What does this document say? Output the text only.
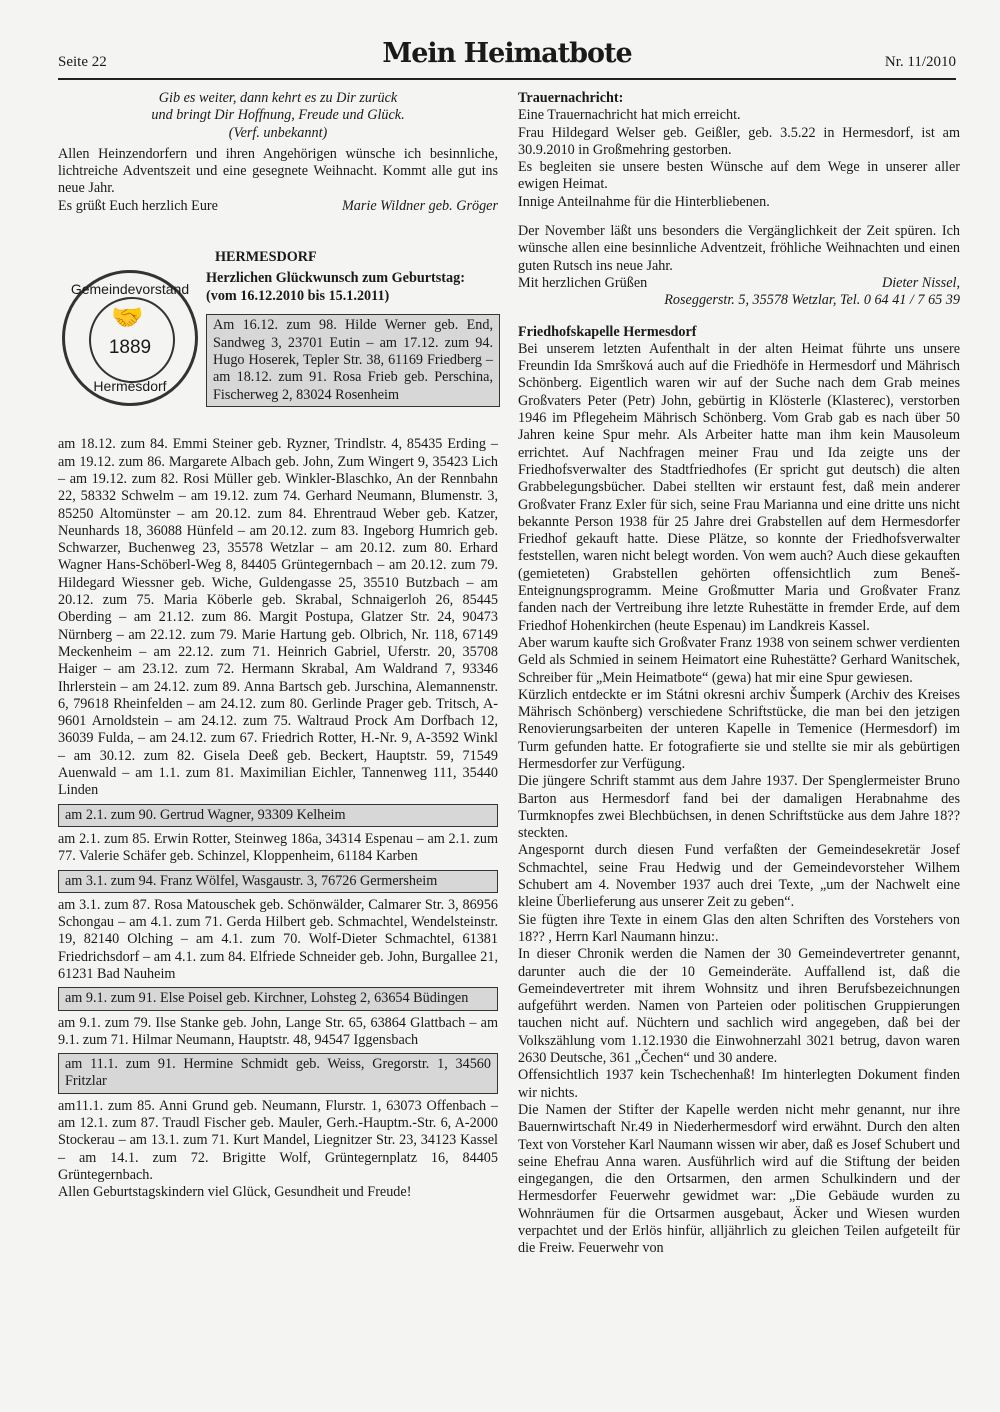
Seite 22	Mein Heimatbote	Nr. 11/2010

Gib es weiter, dann kehrt es zu Dir zurück

und bringt Dir Hoffnung, Freude und Glück.

(Verf. unbekannt)

Allen Heinzendorfern und ihren Angehörigen wünsche ich besinnliche, lichtreiche Adventszeit und eine gesegnete Weihnacht. Kommt alle gut ins neue Jahr.

Es grüßt Euch herzlich Eure	Marie Wildner geb. Gröger
HERMESDORF
Gemeindevorstand
🤝
1889
Hermesdorf
Herzlichen Glückwunsch zum Geburtstag: (vom 16.12.2010 bis 15.1.2011)
Am 16.12. zum 98. Hilde Werner geb. End, Sandweg 3, 23701 Eutin – am 17.12. zum 94. Hugo Hoserek, Tepler Str. 38, 61169 Friedberg – am 18.12. zum 91. Rosa Frieb geb. Perschina, Fischerweg 2, 83024 Rosenheim

am 18.12. zum 84. Emmi Steiner geb. Ryzner, Trindlstr. 4, 85435 Erding – am 19.12. zum 86. Margarete Albach geb. John, Zum Wingert 9, 35423 Lich – am 19.12. zum 82. Rosi Müller geb. Winkler-Blaschko, An der Rennbahn 22, 58332 Schwelm – am 19.12. zum 74. Gerhard Neumann, Blumenstr. 3, 85250 Altomünster – am 20.12. zum 84. Ehrentraud Weber geb. Katzer, Neunhards 18, 36088 Hünfeld – am 20.12. zum 83. Ingeborg Humrich geb. Schwarzer, Buchenweg 23, 35578 Wetzlar – am 20.12. zum 80. Erhard Wagner Hans-Schöberl-Weg 8, 84405 Grüntegernbach – am 20.12. zum 79. Hildegard Wiessner geb. Wiche, Guldengasse 25, 35510 Butzbach – am 20.12. zum 75. Maria Köberle geb. Skrabal, Schnaigerloh 26, 85445 Oberding – am 21.12. zum 86. Margit Postupa, Glatzer Str. 24, 90473 Nürnberg – am 22.12. zum 79. Marie Hartung geb. Olbrich, Nr. 118, 67149 Meckenheim – am 22.12. zum 71. Heinrich Gabriel, Uferstr. 20, 35708 Haiger – am 23.12. zum 72. Hermann Skrabal, Am Waldrand 7, 93346 Ihrlerstein – am 24.12. zum 89. Anna Bartsch geb. Jurschina, Alemannenstr. 6, 79618 Rheinfelden – am 24.12. zum 80. Gerlinde Prager geb. Tritsch, A-9601 Arnoldstein – am 24.12. zum 75. Waltraud Prock Am Dorfbach 12, 36039 Fulda, – am 24.12. zum 67. Friedrich Rotter, H.-Nr. 9, A-3592 Winkl – am 30.12. zum 82. Gisela Deeß geb. Beckert, Hauptstr. 59, 71549 Auenwald – am 1.1. zum 81. Maximilian Eichler, Tannenweg 111, 35440 Linden

am 2.1. zum 90. Gertrud Wagner, 93309 Kelheim

am 2.1. zum 85. Erwin Rotter, Steinweg 186a, 34314 Espenau – am 2.1. zum 77. Valerie Schäfer geb. Schinzel, Kloppenheim, 61184 Karben

am 3.1. zum 94. Franz Wölfel, Wasgaustr. 3, 76726 Germersheim

am 3.1. zum 87. Rosa Matouschek geb. Schönwälder, Calmarer Str. 3, 86956 Schongau – am 4.1. zum 71. Gerda Hilbert geb. Schmachtel, Wendelsteinstr. 19, 82140 Olching – am 4.1. zum 70. Wolf-Dieter Schmachtel, 61381 Friedrichsdorf – am 4.1. zum 84. Elfriede Schneider geb. John, Burgallee 21, 61231 Bad Nauheim

am 9.1. zum 91. Else Poisel geb. Kirchner, Lohsteg 2, 63654 Büdingen

am 9.1. zum 79. Ilse Stanke geb. John, Lange Str. 65, 63864 Glattbach – am 9.1. zum 71. Hilmar Neumann, Hauptstr. 48, 94547 Iggensbach

am 11.1. zum 91. Hermine Schmidt geb. Weiss, Gregorstr. 1, 34560 Fritzlar

am11.1. zum 85. Anni Grund geb. Neumann, Flurstr. 1, 63073 Offenbach – am 12.1. zum 87. Traudl Fischer geb. Mauler, Gerh.-Hauptm.-Str. 6, A-2000 Stockerau – am 13.1. zum 71. Kurt Mandel, Liegnitzer Str. 23, 34123 Kassel – am 14.1. zum 72. Brigitte Wolf, Grüntegernplatz 16, 84405 Grüntegernbach.

Allen Geburtstagskindern viel Glück, Gesundheit und Freude!

Trauernachricht:

Eine Trauernachricht hat mich erreicht.

Frau Hildegard Welser geb. Geißler, geb. 3.5.22 in Hermesdorf, ist am 30.9.2010 in Großmehring gestorben.

Es begleiten sie unsere besten Wünsche auf dem Wege in unserer aller ewigen Heimat.

Innige Anteilnahme für die Hinterbliebenen.

Der November läßt uns besonders die Vergänglichkeit der Zeit spüren. Ich wünsche allen eine besinnliche Adventzeit, fröhliche Weihnachten und einen guten Rutsch ins neue Jahr.

Mit herzlichen Grüßen	Dieter Nissel,

Roseggerstr. 5, 35578 Wetzlar, Tel. 0 64 41 / 7 65 39

Friedhofskapelle Hermesdorf

Bei unserem letzten Aufenthalt in der alten Heimat führte uns unsere Freundin Ida Smršková auch auf die Friedhöfe in Hermesdorf und Mährisch Schönberg. Eigentlich waren wir auf der Suche nach dem Grab meines Großvaters Peter (Petr) John, gebürtig in Klösterle (Klasterec), verstorben 1946 im Pflegeheim Mährisch Schönberg. Vom Grab gab es nach über 50 Jahren keine Spur mehr. Als Arbeiter hatte man ihm kein Mausoleum errichtet. Auf Nachfragen meiner Frau und Ida zeigte uns der Friedhofsverwalter des Stadtfriedhofes (Er spricht gut deutsch) die alten Grabbelegungsbücher. Dabei stellten wir erstaunt fest, daß mein anderer Großvater Franz Exler für sich, seine Frau Marianna und eine dritte uns nicht bekannte Person 1938 für 25 Jahre drei Grabstellen auf dem Hermesdorfer Friedhof gekauft hatte. Diese Plätze, so konnte der Friedhofsverwalter feststellen, waren nicht belegt worden. Von wem auch? Auch diese gekauften (gemieteten) Grabstellen gehörten offensichtlich zum Beneš-Enteignungsprogramm. Meine Großmutter Maria und Großvater Franz fanden nach der Vertreibung ihre letzte Ruhestätte in fremder Erde, auf dem Friedhof Hohenkirchen (heute Espenau) im Landkreis Kassel.

Aber warum kaufte sich Großvater Franz 1938 von seinem schwer verdienten Geld als Schmied in seinem Heimatort eine Ruhestätte? Gerhard Wanitschek, Schreiber für „Mein Heimatbote“ (gewa) hat mir eine Spur gewiesen.

Kürzlich entdeckte er im Státni okresni archiv Šumperk (Archiv des Kreises Mährisch Schönberg) verschiedene Schriftstücke, die man bei den jetzigen Renovierungsarbeiten der unteren Kapelle in Temenice (Hermesdorf) im Turm gefunden hatte. Er fotografierte sie und stellte sie mir als gebürtigen Hermesdorfer zur Verfügung.

Die jüngere Schrift stammt aus dem Jahre 1937. Der Spenglermeister Bruno Barton aus Hermesdorf fand bei der damaligen Herabnahme des Turmknopfes zwei Blechbüchsen, in denen Schriftstücke aus dem Jahre 18?? steckten.

Angespornt durch diesen Fund verfaßten der Gemeindesekretär Josef Schmachtel, seine Frau Hedwig und der Gemeindevorsteher Wilhem Schubert am 4. November 1937 auch drei Texte, „um der Nachwelt eine kleine Überlieferung aus unserer Zeit zu geben“.

Sie fügten ihre Texte in einem Glas den alten Schriften des Vorstehers von 18?? , Herrn Karl Naumann hinzu:.

In dieser Chronik werden die Namen der 30 Gemeindevertreter genannt, darunter auch die der 10 Gemeinderäte. Auffallend ist, daß die Gemeindevertreter mit ihrem Wohnsitz und ihren Berufsbezeichnungen aufgeführt werden. Namen von Parteien oder politischen Gruppierungen tauchen nicht auf. Nüchtern und sachlich wird angegeben, daß bei der Volkszählung vom 1.12.1930 die Einwohnerzahl 3021 betrug, davon waren 2630 Deutsche, 361 „Čechen“ und 30 andere.

Offensichtlich 1937 kein Tschechenhaß! Im hinterlegten Dokument finden wir nichts.

Die Namen der Stifter der Kapelle werden nicht mehr genannt, nur ihre Bauernwirtschaft Nr.49 in Niederhermesdorf wird erwähnt. Durch den alten Text von Vorsteher Karl Naumann wissen wir aber, daß es Josef Schubert und seine Ehefrau Anna waren. Ausführlich wird auf die Stiftung der beiden eingegangen, die den Ortsarmen, den armen Schulkindern und der Hermesdorfer Feuerwehr gewidmet war: „Die Gebäude wurden zu Wohnräumen für die Ortsarmen ausgebaut, Äcker und Wiesen wurden verpachtet und der Erlös hinfür, alljährlich zu gleichen Teilen aufgeteilt für die Freiw. Feuerwehr von
